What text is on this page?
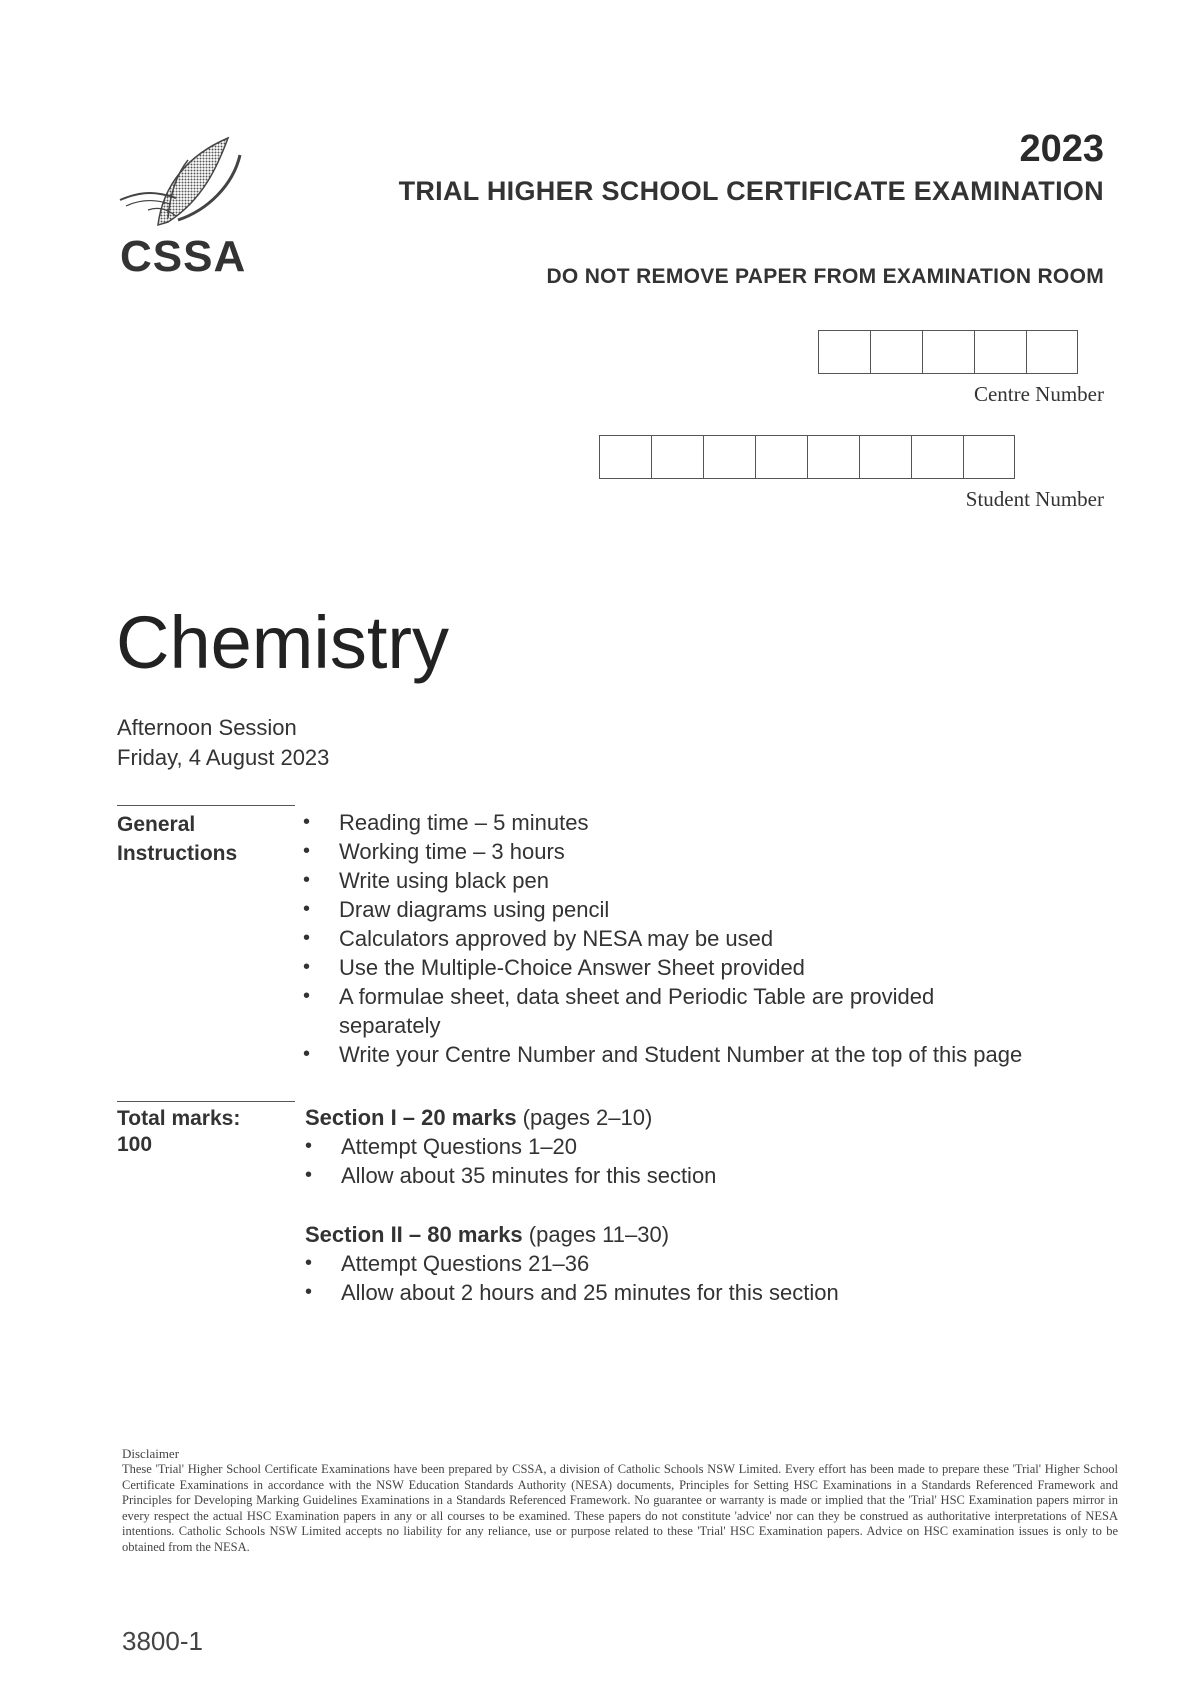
CSSA
2023
TRIAL HIGHER SCHOOL CERTIFICATE EXAMINATION
DO NOT REMOVE PAPER FROM EXAMINATION ROOM
Centre Number
Student Number
Chemistry
Afternoon Session
Friday, 4 August 2023
General
Instructions
• Reading time – 5 minutes
• Working time – 3 hours
• Write using black pen
• Draw diagrams using pencil
• Calculators approved by NESA may be used
• Use the Multiple-Choice Answer Sheet provided
• A formulae sheet, data sheet and Periodic Table are provided separately
• Write your Centre Number and Student Number at the top of this page
Total marks:
100
Section I – 20 marks (pages 2–10)
• Attempt Questions 1–20
• Allow about 35 minutes for this section
Section II – 80 marks (pages 11–30)
• Attempt Questions 21–36
• Allow about 2 hours and 25 minutes for this section
Disclaimer
These 'Trial' Higher School Certificate Examinations have been prepared by CSSA, a division of Catholic Schools NSW Limited. Every effort has been made to prepare these 'Trial' Higher School Certificate Examinations in accordance with the NSW Education Standards Authority (NESA) documents, Principles for Setting HSC Examinations in a Standards Referenced Framework and Principles for Developing Marking Guidelines Examinations in a Standards Referenced Framework. No guarantee or warranty is made or implied that the 'Trial' HSC Examination papers mirror in every respect the actual HSC Examination papers in any or all courses to be examined. These papers do not constitute 'advice' nor can they be construed as authoritative interpretations of NESA intentions. Catholic Schools NSW Limited accepts no liability for any reliance, use or purpose related to these 'Trial' HSC Examination papers. Advice on HSC examination issues is only to be obtained from the NESA.
3800-1
